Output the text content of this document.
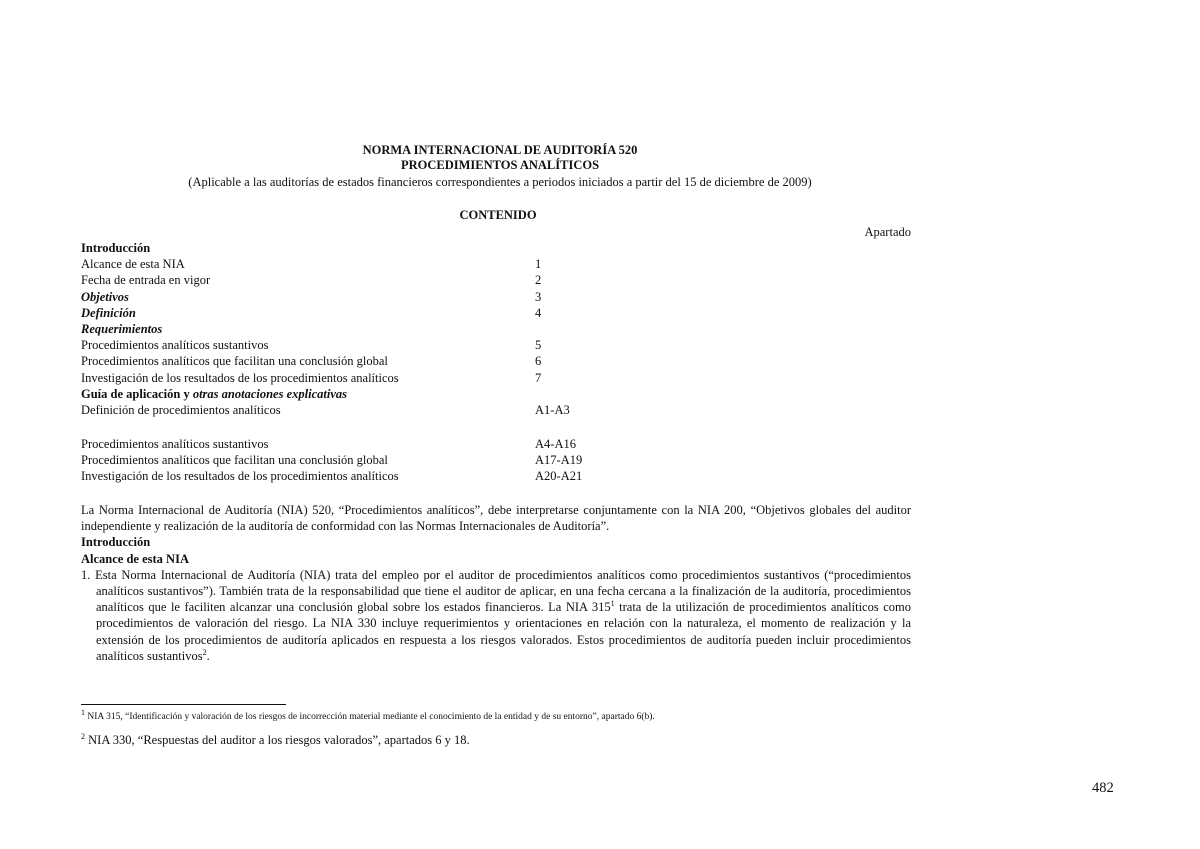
NORMA INTERNACIONAL DE AUDITORÍA 520
PROCEDIMIENTOS ANALÍTICOS
(Aplicable a las auditorías de estados financieros correspondientes a periodos iniciados a partir del 15 de diciembre de 2009)
CONTENIDO
Apartado
Introducción
Alcance de esta NIA	1
Fecha de entrada en vigor	2
Objetivos	3
Definición	4
Requerimientos
Procedimientos analíticos sustantivos	5
Procedimientos analíticos que facilitan una conclusión global	6
Investigación de los resultados de los procedimientos analíticos	7
Guía de aplicación y otras anotaciones explicativas
Definición de procedimientos analíticos	A1-A3
Procedimientos analíticos sustantivos	A4-A16
Procedimientos analíticos que facilitan una conclusión global	A17-A19
Investigación de los resultados de los procedimientos analíticos	A20-A21

La Norma Internacional de Auditoría (NIA) 520, “Procedimientos analíticos”, debe interpretarse conjuntamente con la NIA 200, “Objetivos globales del auditor independiente y realización de la auditoría de conformidad con las Normas Internacionales de Auditoría”.

Introducción

Alcance de esta NIA

1. Esta Norma Internacional de Auditoría (NIA) trata del empleo por el auditor de procedimientos analíticos como procedimientos sustantivos (“procedimientos analíticos sustantivos”). También trata de la responsabilidad que tiene el auditor de aplicar, en una fecha cercana a la finalización de la auditoría, procedimientos analíticos que le faciliten alcanzar una conclusión global sobre los estados financieros. La NIA $315^1$ trata de la utilización de procedimientos analíticos como procedimientos de valoración del riesgo. La NIA 330 incluye requerimientos y orientaciones en relación con la naturaleza, el momento de realización y la extensión de los procedimientos de auditoría aplicados en respuesta a los riesgos valorados. Estos procedimientos de auditoría pueden incluir procedimientos analíticos sustantivos$^2$.

$^1$ NIA 315, “Identificación y valoración de los riesgos de incorrección material mediante el conocimiento de la entidad y de su entorno”, apartado 6(b).
$^2$ NIA 330, “Respuestas del auditor a los riesgos valorados”, apartados 6 y 18.
482
